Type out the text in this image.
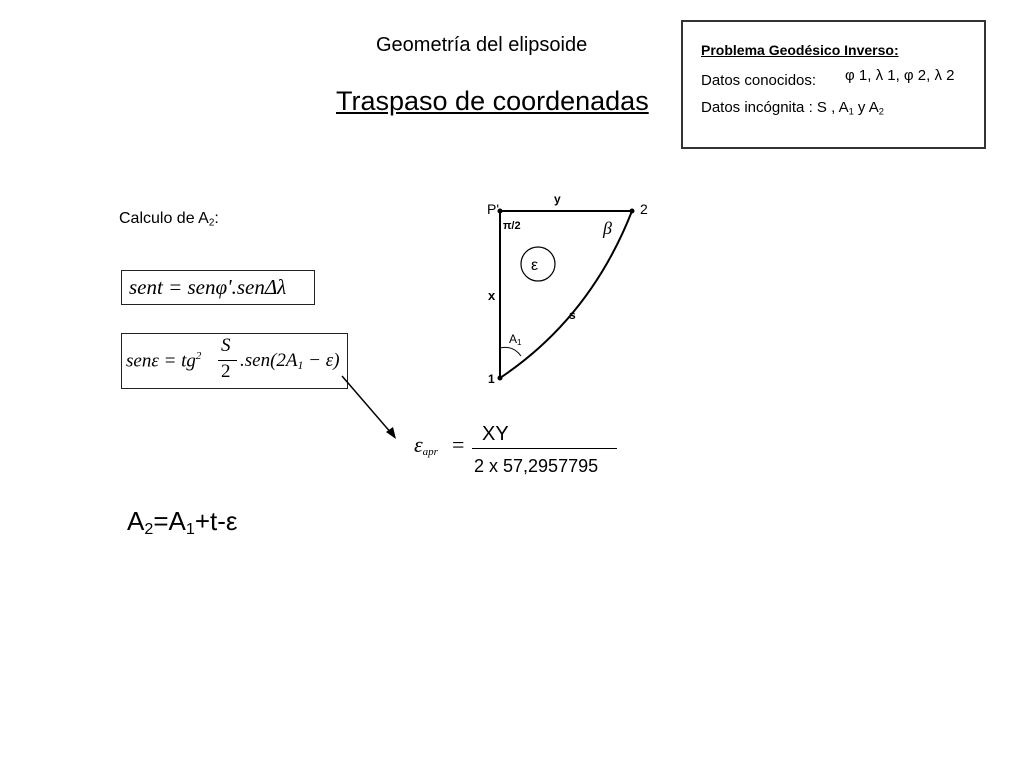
Geometría del elipsoide
Traspaso de coordenadas
Problema Geodésico Inverso:
Datos conocidos: φ 1, λ 1, φ 2, λ 2
Datos incógnita : S , $A_1$ y $A_2$
Calculo de $A_2$:
sent = senφ'.senΔλ
$sen\varepsilon = tg^2$ S
2
$.sen(2A_1 - \varepsilon)$
$\varepsilon_{apr}$ = XY
2 x 57,2957795
$A_2=A_1+t-\varepsilon$
P'
y
2
π/2	β
ε
x
s
A1
1
